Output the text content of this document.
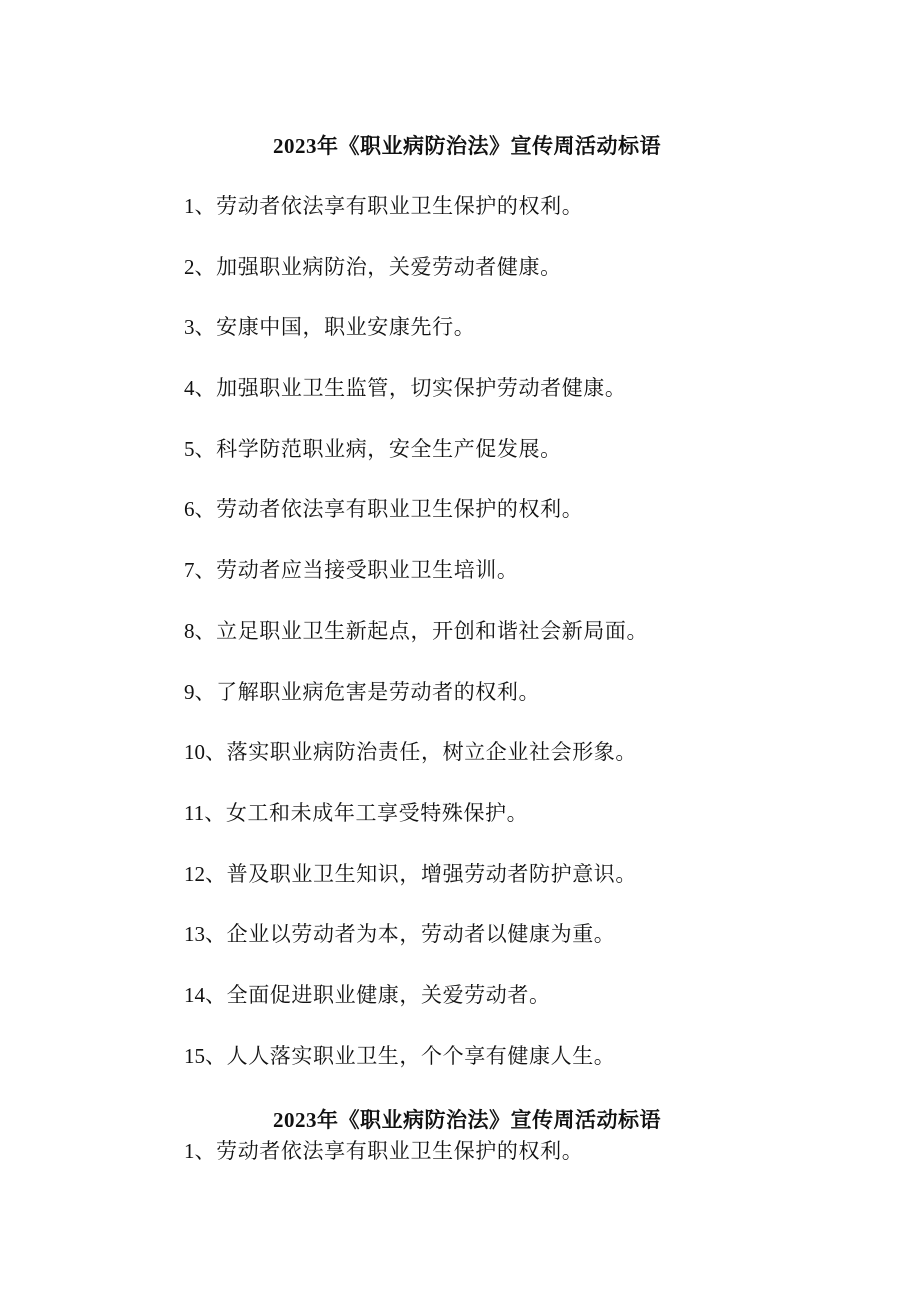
2023年《职业病防治法》宣传周活动标语
1、劳动者依法享有职业卫生保护的权利。
2、加强职业病防治，关爱劳动者健康。
3、安康中国，职业安康先行。
4、加强职业卫生监管，切实保护劳动者健康。
5、科学防范职业病，安全生产促发展。
6、劳动者依法享有职业卫生保护的权利。
7、劳动者应当接受职业卫生培训。
8、立足职业卫生新起点，开创和谐社会新局面。
9、了解职业病危害是劳动者的权利。
10、落实职业病防治责任，树立企业社会形象。
11、女工和未成年工享受特殊保护。
12、普及职业卫生知识，增强劳动者防护意识。
13、企业以劳动者为本，劳动者以健康为重。
14、全面促进职业健康，关爱劳动者。
15、人人落实职业卫生，个个享有健康人生。
2023年《职业病防治法》宣传周活动标语
1、劳动者依法享有职业卫生保护的权利。
